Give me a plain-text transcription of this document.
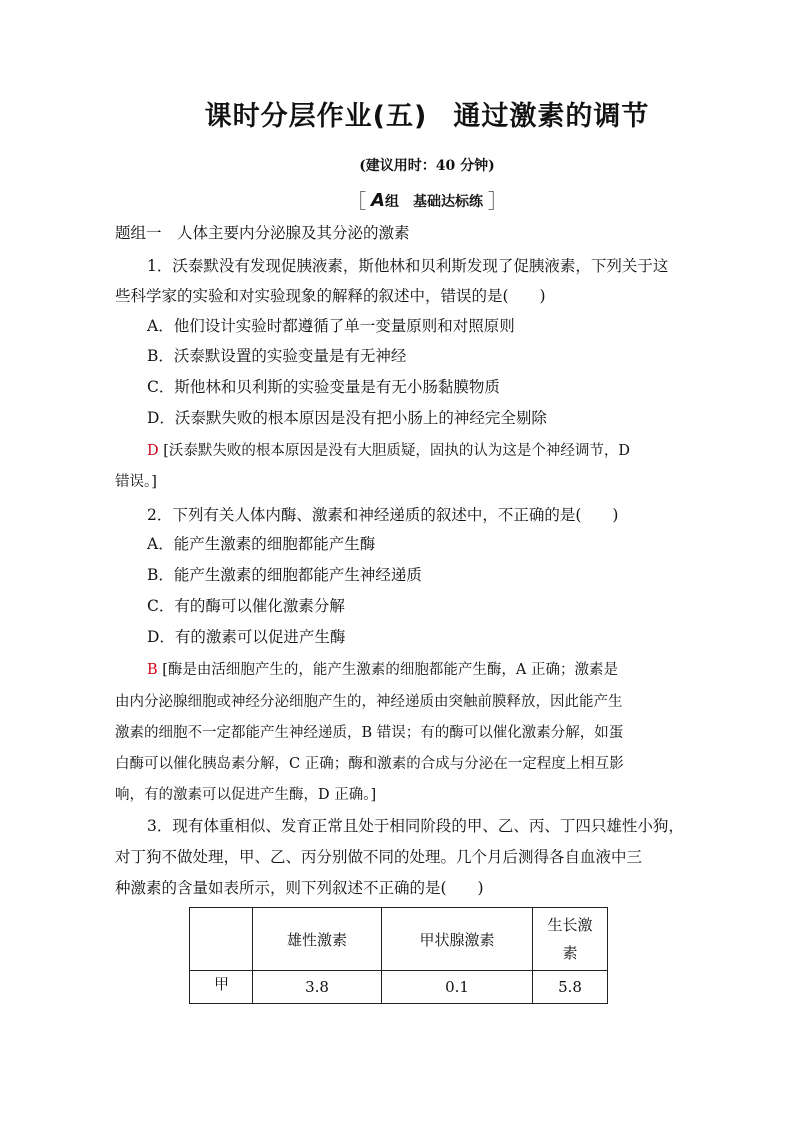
课时分层作业(五) 通过激素的调节
(建议用时：40 分钟)
［ A组　基础达标练 ］
题组一　人体主要内分泌腺及其分泌的激素
1．沃泰默没有发现促胰液素，斯他林和贝利斯发现了促胰液素，下列关于这
些科学家的实验和对实验现象的解释的叙述中，错误的是(　　)
A．他们设计实验时都遵循了单一变量原则和对照原则
B．沃泰默设置的实验变量是有无神经
C．斯他林和贝利斯的实验变量是有无小肠黏膜物质
D．沃泰默失败的根本原因是没有把小肠上的神经完全剔除
D [沃泰默失败的根本原因是没有大胆质疑，固执的认为这是个神经调节，D
错误。]
2．下列有关人体内酶、激素和神经递质的叙述中，不正确的是(　　)
A．能产生激素的细胞都能产生酶
B．能产生激素的细胞都能产生神经递质
C．有的酶可以催化激素分解
D．有的激素可以促进产生酶
B [酶是由活细胞产生的，能产生激素的细胞都能产生酶，A 正确；激素是
由内分泌腺细胞或神经分泌细胞产生的，神经递质由突触前膜释放，因此能产生
激素的细胞不一定都能产生神经递质，B 错误；有的酶可以催化激素分解，如蛋
白酶可以催化胰岛素分解，C 正确；酶和激素的合成与分泌在一定程度上相互影
响，有的激素可以促进产生酶，D 正确。]
3．现有体重相似、发育正常且处于相同阶段的甲、乙、丙、丁四只雄性小狗，
对丁狗不做处理，甲、乙、丙分别做不同的处理。几个月后测得各自血液中三
种激素的含量如表所示，则下列叙述不正确的是(　　)
	雄性激素	甲状腺激素	生长激
素

甲	3.8	0.1	5.8
